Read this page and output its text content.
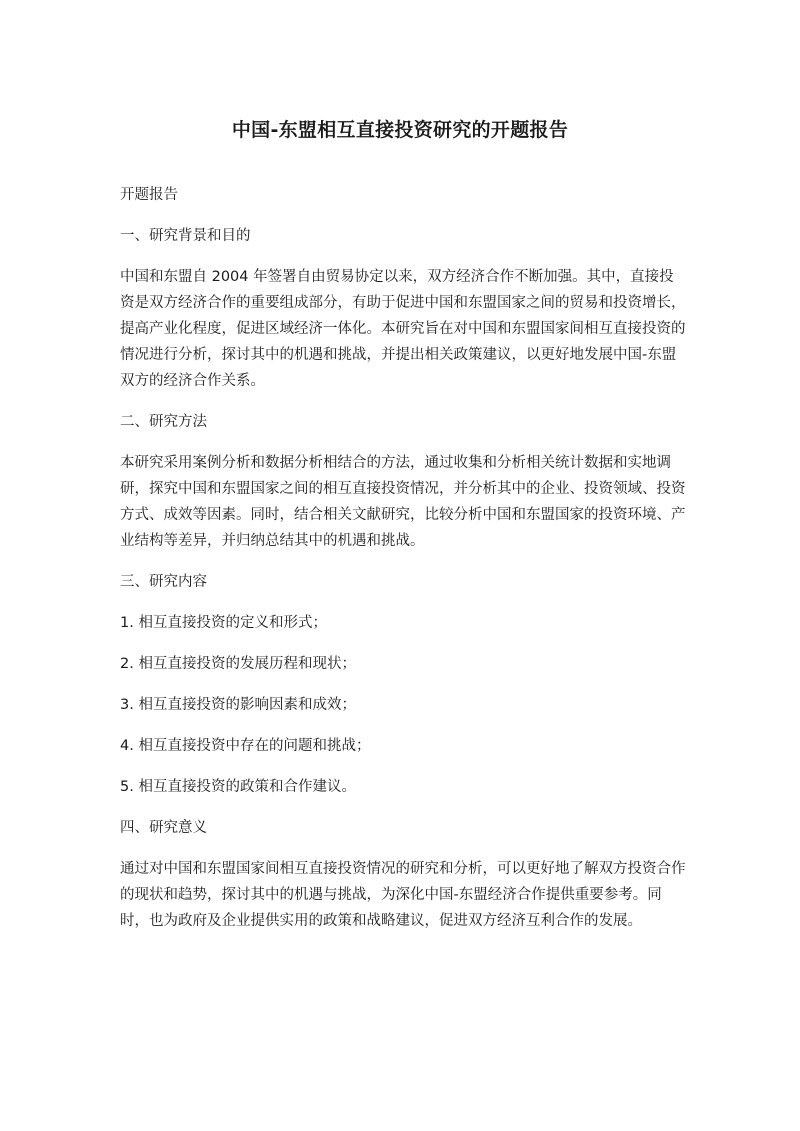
中国-东盟相互直接投资研究的开题报告

开题报告

一、研究背景和目的

中国和东盟自 2004 年签署自由贸易协定以来，双方经济合作不断加强。其中，直接投资是双方经济合作的重要组成部分，有助于促进中国和东盟国家之间的贸易和投资增长，提高产业化程度，促进区域经济一体化。本研究旨在对中国和东盟国家间相互直接投资的情况进行分析，探讨其中的机遇和挑战，并提出相关政策建议，以更好地发展中国-东盟双方的经济合作关系。

二、研究方法

本研究采用案例分析和数据分析相结合的方法，通过收集和分析相关统计数据和实地调研，探究中国和东盟国家之间的相互直接投资情况，并分析其中的企业、投资领域、投资方式、成效等因素。同时，结合相关文献研究，比较分析中国和东盟国家的投资环境、产业结构等差异，并归纳总结其中的机遇和挑战。

三、研究内容

1. 相互直接投资的定义和形式；

2. 相互直接投资的发展历程和现状；

3. 相互直接投资的影响因素和成效；

4. 相互直接投资中存在的问题和挑战；

5. 相互直接投资的政策和合作建议。

四、研究意义

通过对中国和东盟国家间相互直接投资情况的研究和分析，可以更好地了解双方投资合作的现状和趋势，探讨其中的机遇与挑战，为深化中国-东盟经济合作提供重要参考。同时，也为政府及企业提供实用的政策和战略建议，促进双方经济互利合作的发展。
